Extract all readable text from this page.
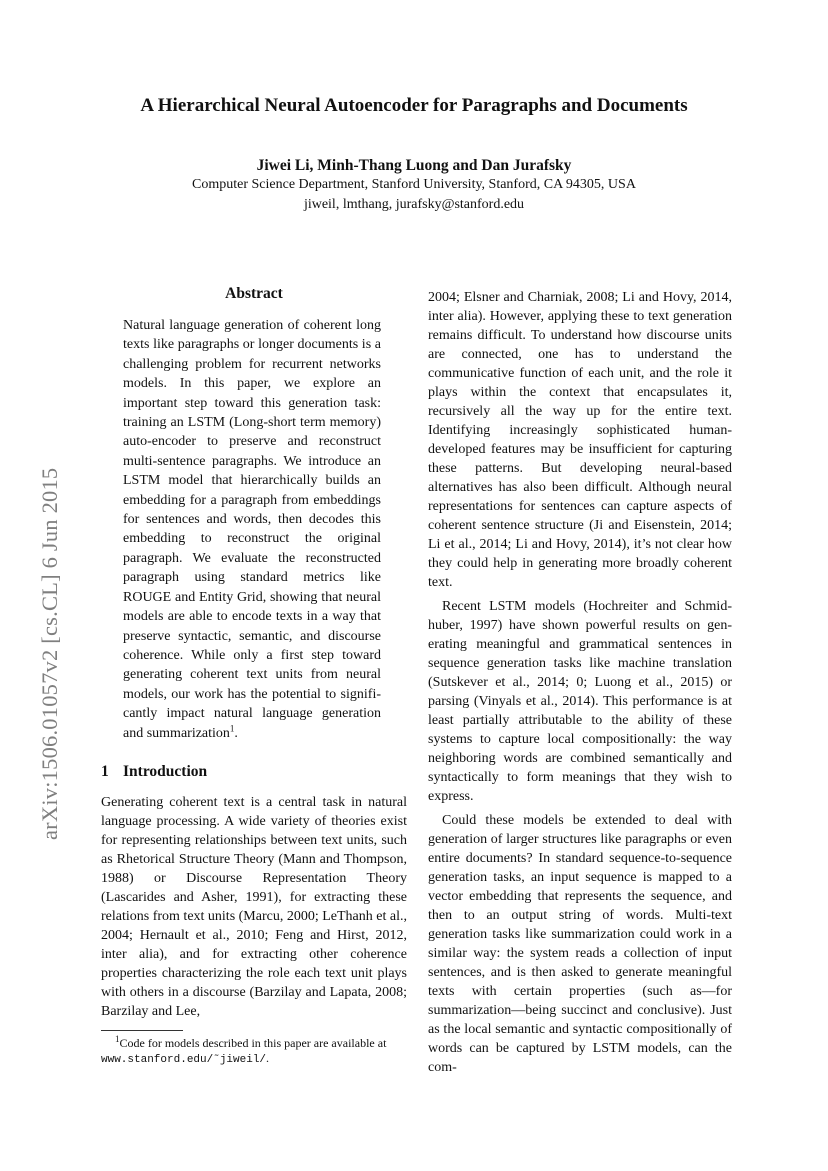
arXiv:1506.01057v2 [cs.CL] 6 Jun 2015
A Hierarchical Neural Autoencoder for Paragraphs and Documents
Jiwei Li, Minh-Thang Luong and Dan Jurafsky
Computer Science Department, Stanford University, Stanford, CA 94305, USA
jiweil, lmthang, jurafsky@stanford.edu
Abstract

Natural language generation of coherent long texts like paragraphs or longer documents is a challenging problem for recurrent networks models. In this paper, we explore an important step toward this generation task: training an LSTM (Long-short term memory) auto-encoder to preserve and reconstruct multi-sentence paragraphs. We introduce an LSTM model that hierarchically builds an embedding for a paragraph from embeddings for sentences and words, then decodes this embedding to reconstruct the original paragraph. We evaluate the reconstructed paragraph using standard metrics like ROUGE and Entity Grid, showing that neural models are able to encode texts in a way that preserve syntactic, semantic, and discourse coherence. While only a first step toward generating coherent text units from neural models, our work has the potential to significantly impact natural language generation and summarization$^1$.

1 Introduction

Generating coherent text is a central task in natural language processing. A wide variety of theories exist for representing relationships between text units, such as Rhetorical Structure Theory (Mann and Thompson, 1988) or Discourse Representation Theory (Lascarides and Asher, 1991), for extracting these relations from text units (Marcu, 2000; LeThanh et al., 2004; Hernault et al., 2010; Feng and Hirst, 2012, inter alia), and for extracting other coherence properties characterizing the role each text unit plays with others in a discourse (Barzilay and Lapata, 2008; Barzilay and Lee,

2004; Elsner and Charniak, 2008; Li and Hovy, 2014, inter alia). However, applying these to text generation remains difficult. To understand how discourse units are connected, one has to understand the communicative function of each unit, and the role it plays within the context that encapsulates it, recursively all the way up for the entire text. Identifying increasingly sophisticated human-developed features may be insufficient for capturing these patterns. But developing neural-based alternatives has also been difficult. Although neural representations for sentences can capture aspects of coherent sentence structure (Ji and Eisenstein, 2014; Li et al., 2014; Li and Hovy, 2014), it’s not clear how they could help in generating more broadly coherent text.

Recent LSTM models (Hochreiter and Schmidhuber, 1997) have shown powerful results on generating meaningful and grammatical sentences in sequence generation tasks like machine translation (Sutskever et al., 2014; 0; Luong et al., 2015) or parsing (Vinyals et al., 2014). This performance is at least partially attributable to the ability of these systems to capture local compositionally: the way neighboring words are combined semantically and syntactically to form meanings that they wish to express.

Could these models be extended to deal with generation of larger structures like paragraphs or even entire documents? In standard sequence-to-sequence generation tasks, an input sequence is mapped to a vector embedding that represents the sequence, and then to an output string of words. Multi-text generation tasks like summarization could work in a similar way: the system reads a collection of input sentences, and is then asked to generate meaningful texts with certain properties (such as—for summarization—being succinct and conclusive). Just as the local semantic and syntactic compositionally of words can be captured by LSTM models, can the com-

$^1$Code for models described in this paper are available at
www.stanford.edu/˜jiweil/.
